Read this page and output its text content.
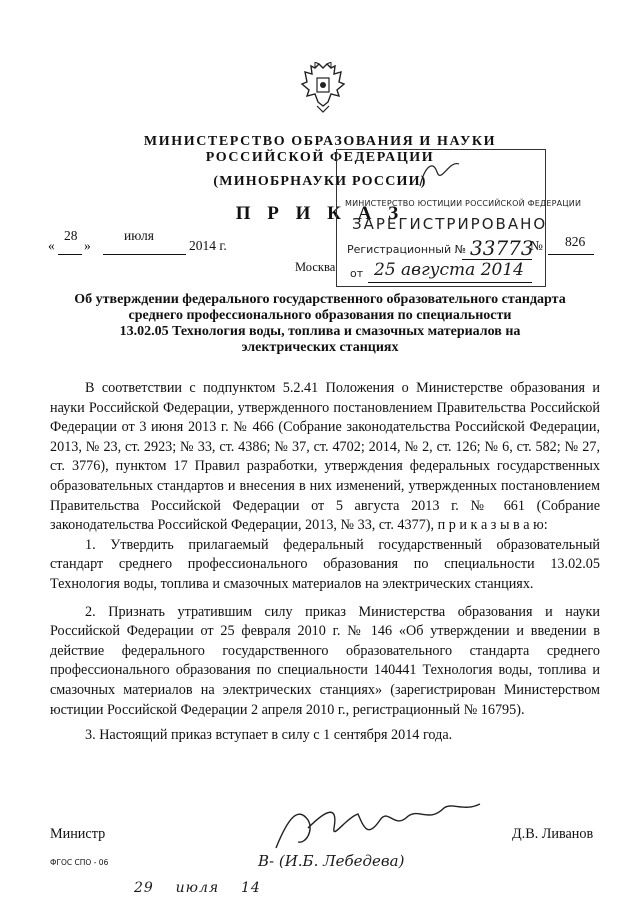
МИНИСТЕРСТВО ОБРАЗОВАНИЯ И НАУКИ
РОССИЙСКОЙ ФЕДЕРАЦИИ
(МИНОБРНАУКИ РОССИИ)
П Р И К А З
«
28
»
июля
2014 г.	№ 826
Москва
МИНИСТЕРСТВО ЮСТИЦИИ РОССИЙСКОЙ ФЕДЕРАЦИИ
ЗАРЕГИСТРИРОВАНО
Регистрационный № 33773
от 25 августа 2014
Об утверждении федерального государственного образовательного стандарта
среднего профессионального образования по специальности
13.02.05 Технология воды, топлива и смазочных материалов на
электрических станциях

В соответствии с подпунктом 5.2.41 Положения о Министерстве образования и науки Российской Федерации, утвержденного постановлением Правительства Российской Федерации от 3 июня 2013 г. № 466 (Собрание законодательства Российской Федерации, 2013, № 23, ст. 2923; № 33, ст. 4386; № 37, ст. 4702; 2014, № 2, ст. 126; № 6, ст. 582; № 27, ст. 3776), пунктом 17 Правил разработки, утверждения федеральных государственных образовательных стандартов и внесения в них изменений, утвержденных постановлением Правительства Российской Федерации от 5 августа 2013 г. № 661 (Собрание законодательства Российской Федерации, 2013, № 33, ст. 4377), п р и к а з ы в а ю:

1. Утвердить прилагаемый федеральный государственный образовательный стандарт среднего профессионального образования по специальности 13.02.05 Технология воды, топлива и смазочных материалов на электрических станциях.

2. Признать утратившим силу приказ Министерства образования и науки Российской Федерации от 25 февраля 2010 г. № 146 «Об утверждении и введении в действие федерального государственного образовательного стандарта среднего профессионального образования по специальности 140441 Технология воды, топлива и смазочных материалов на электрических станциях» (зарегистрирован Министерством юстиции Российской Федерации 2 апреля 2010 г., регистрационный № 16795).

3. Настоящий приказ вступает в силу с 1 сентября 2014 года.

Министр	Д.В. Ливанов
ФГОС СПО - 06	В- (И.Б. Лебедева)
29    июля    14
